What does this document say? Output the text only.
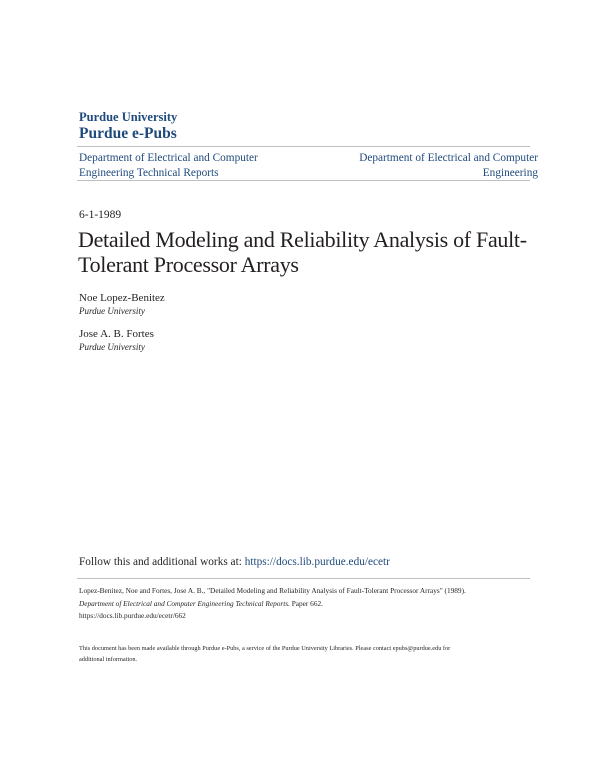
Purdue University
Purdue e-Pubs
Department of Electrical and Computer
Engineering Technical Reports
Department of Electrical and Computer
Engineering
6-1-1989
Detailed Modeling and Reliability Analysis of Fault-
Tolerant Processor Arrays
Noe Lopez-Benitez
Purdue University
Jose A. B. Fortes
Purdue University
Follow this and additional works at: https://docs.lib.purdue.edu/ecetr
Lopez-Benitez, Noe and Fortes, Jose A. B., "Detailed Modeling and Reliability Analysis of Fault-Tolerant Processor Arrays" (1989).
Department of Electrical and Computer Engineering Technical Reports. Paper 662.
https://docs.lib.purdue.edu/ecetr/662
This document has been made available through Purdue e-Pubs, a service of the Purdue University Libraries. Please contact epubs@purdue.edu for
additional information.
